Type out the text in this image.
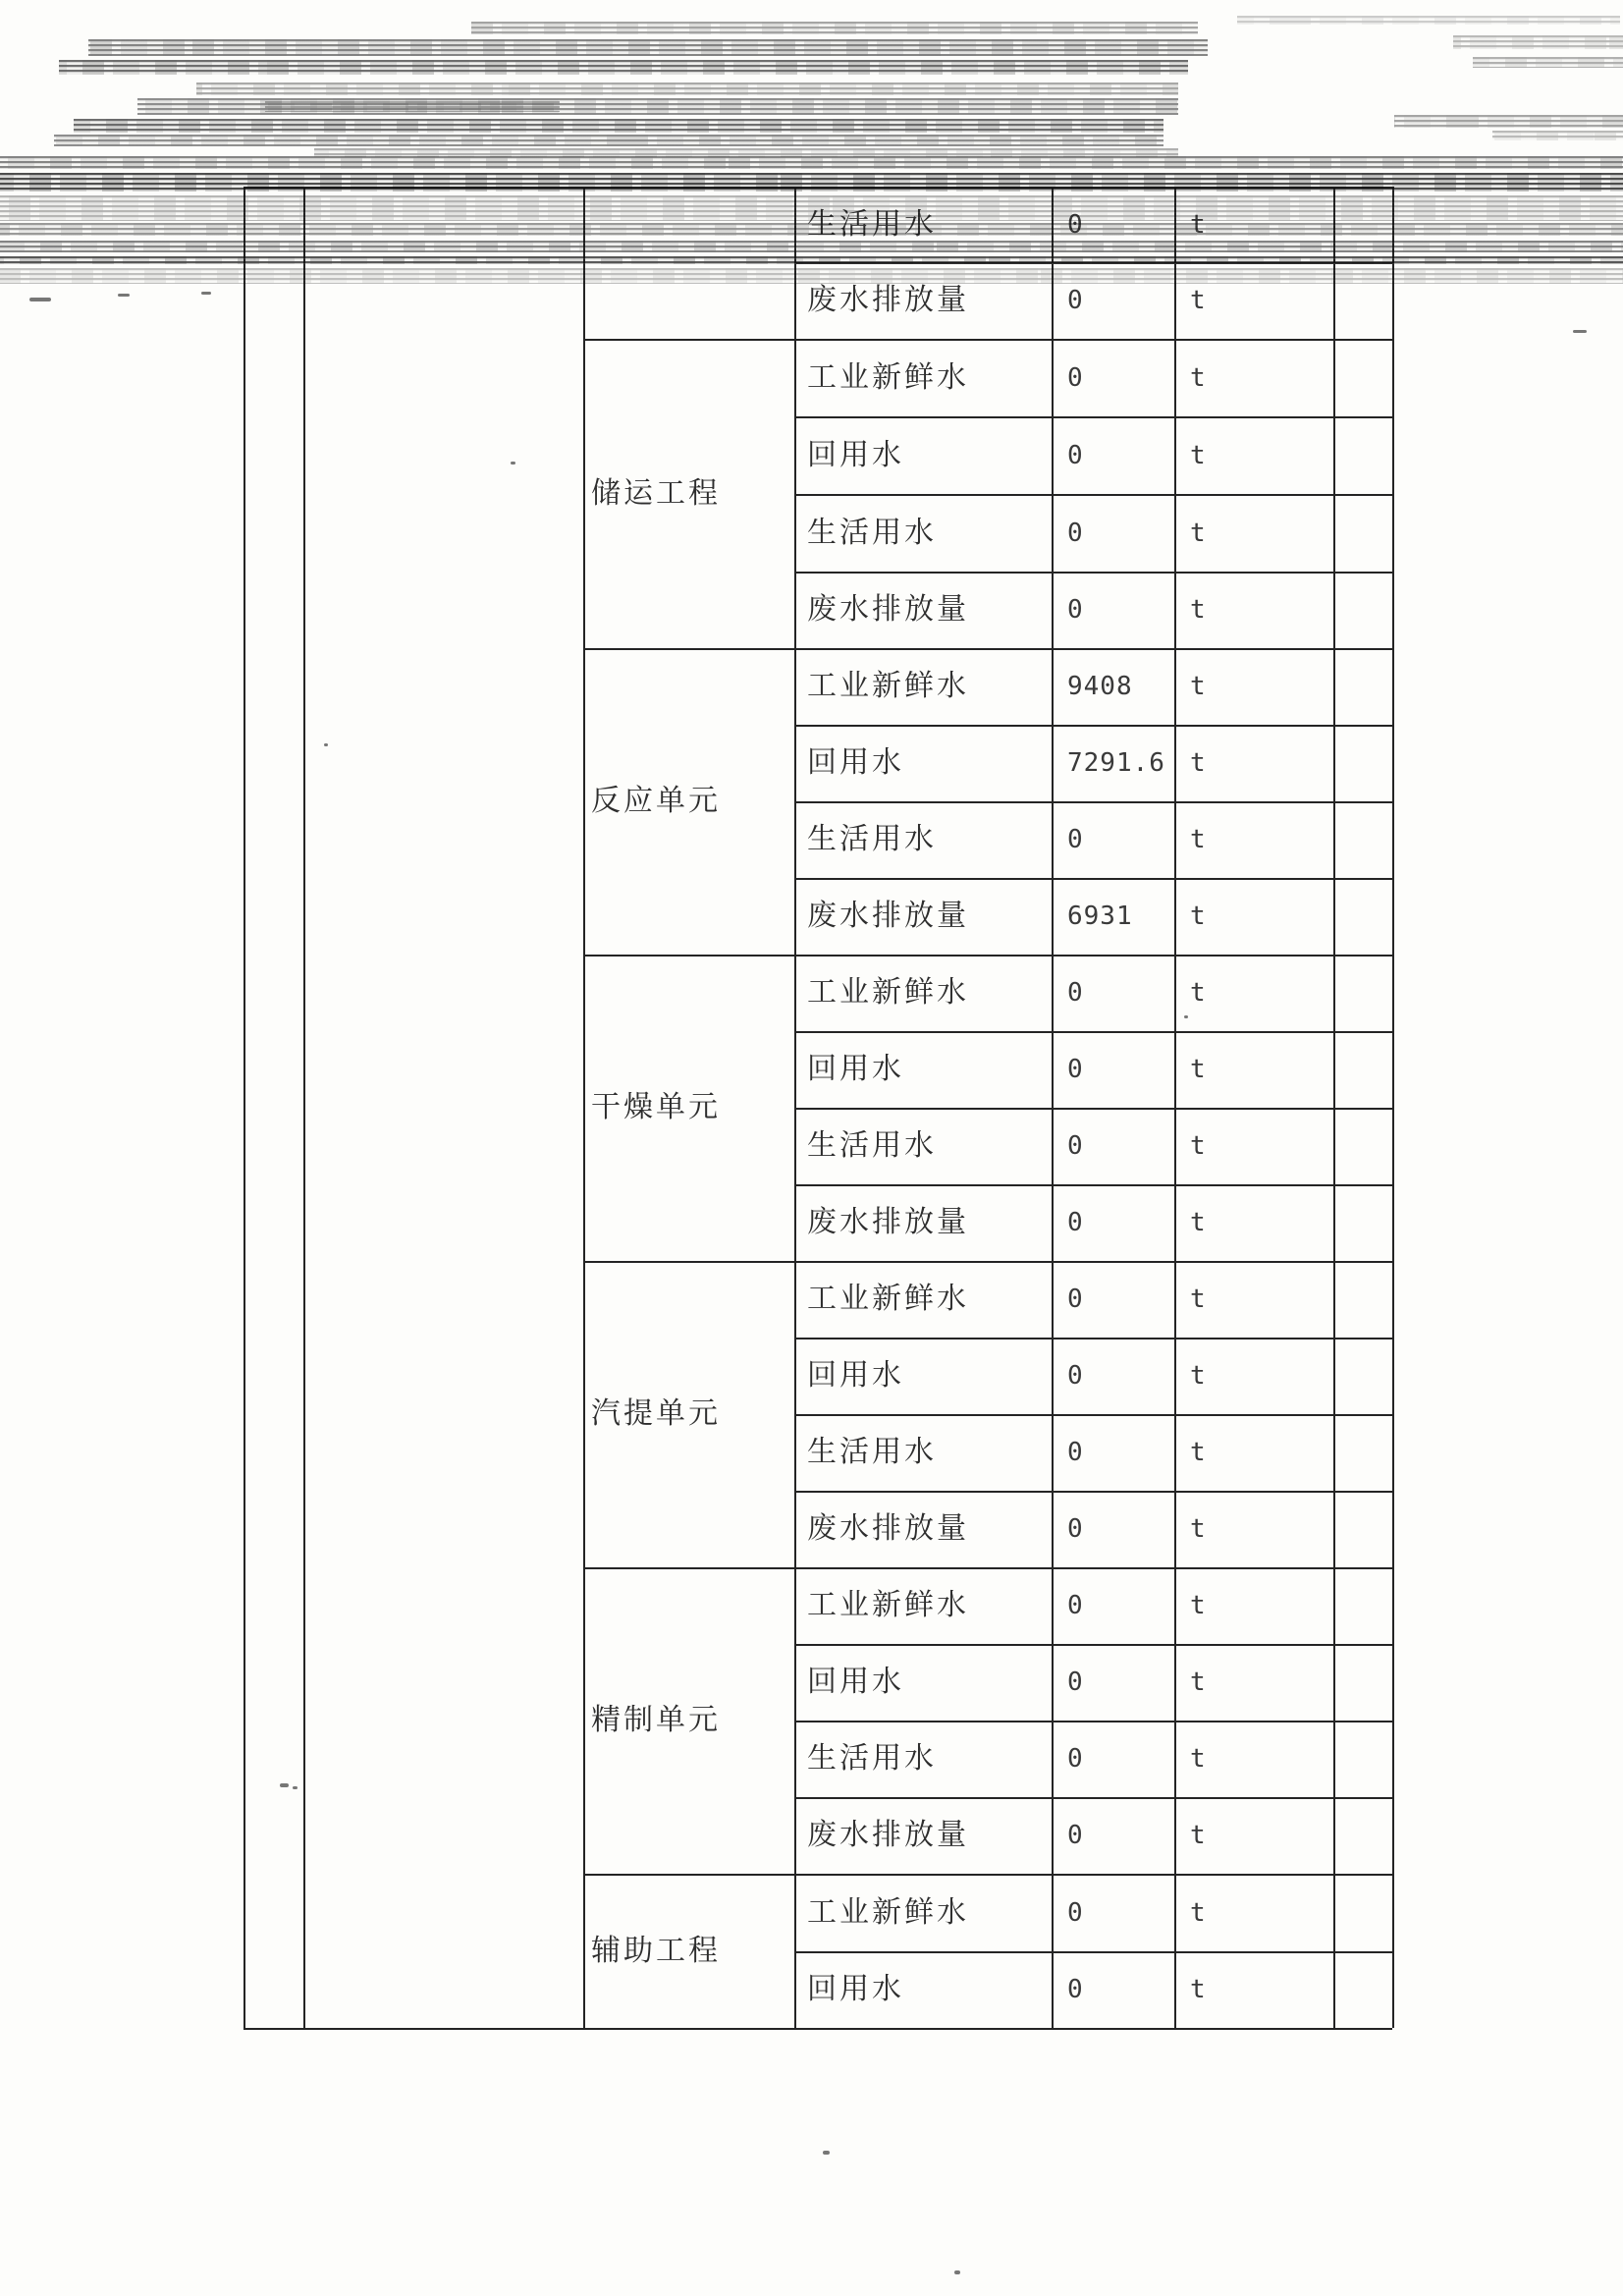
生活用水	0	t
废水排放量	0	t
储运工程
工业新鲜水	0	t
回用水	0	t
生活用水	0	t
废水排放量	0	t
反应单元
工业新鲜水	9408 t
回用水	7291.6 t
生活用水	0	t
废水排放量	6931 t
干燥单元
工业新鲜水	0	t
回用水	0	t
生活用水	0	t
废水排放量	0	t
汽提单元
工业新鲜水	0	t
回用水	0	t
生活用水	0	t
废水排放量	0	t
精制单元
工业新鲜水	0	t
回用水	0	t
生活用水	0	t
废水排放量	0	t
辅助工程
工业新鲜水	0	t
回用水	0	t
